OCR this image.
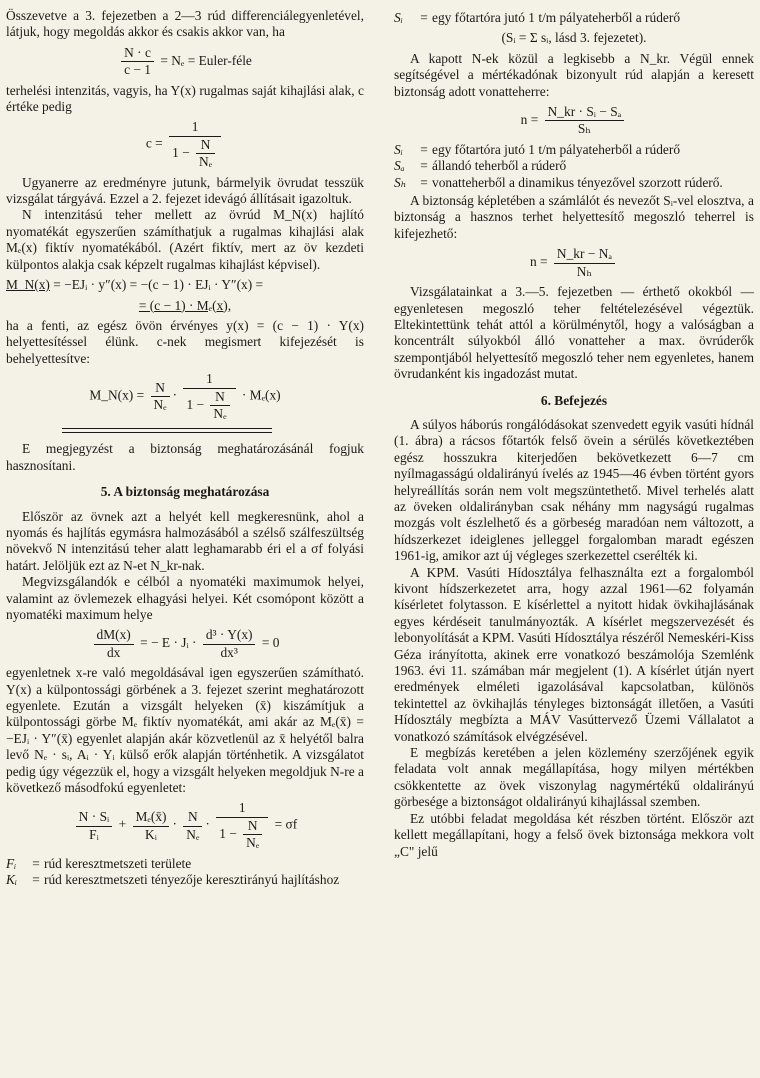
Összevetve a 3. fejezetben a 2—3 rúd differenciálegyenletével, látjuk, hogy megoldás akkor és csakis akkor van, ha

$\frac{N \cdot c}{c - 1} = N_e$ = Euler-féle

terhelési intenzitás, vagyis, ha Y(x) rugalmas saját kihajlási alak, c értéke pedig

$c = \frac{1}{1 - \frac{N}{\text{Nₑ}}}$

Ugyanerre az eredményre jutunk, bármelyik övrudat tesszük vizsgálat tárgyává. Ezzel a 2. fejezet idevágó állításait igazoltuk.

N intenzitású teher mellett az övrúd M_N(x) hajlító nyomatékát egyszerűen számíthatjuk a rugalmas kihajlási alak Mₑ(x) fiktív nyomatékából. (Azért fiktív, mert az öv kezdeti külpontos alakja csak képzelt rugalmas kihajlást képvisel).

M_N(x) = −EJᵢ · y″(x) = −(c − 1) · EJᵢ · Y″(x) =
= (c − 1) · Mₑ(x),

ha a fenti, az egész övön érvényes y(x) = (c − 1) · Y(x) helyettesítéssel élünk. c-nek megismert kifejezését is behelyettesítve:

M_N(x) = $\frac{N}{\text{Nₑ}} \cdot \frac{1}{1 - \frac{N}{\text{Nₑ}}} \cdot M_e(x)$

E megjegyzést a biztonság meghatározásánál fogjuk hasznosítani.

5. A biztonság meghatározása

Először az övnek azt a helyét kell megkeresnünk, ahol a nyomás és hajlítás egymásra halmozásából a szélső szálfeszültség növekvő N intenzitású teher alatt leghamarabb éri el a σf folyási határt. Jelöljük ezt az N-et N_kr-nak.

Megvizsgálandók e célból a nyomatéki maximumok helyei, valamint az övlemezek elhagyási helyei. Két csomópont között a nyomatéki maximum helye

$\frac{dM(x)}{dx}$ = − E · Jᵢ · $\frac{\text{d³ · Y(x)}}{\text{dx³}} = 0$

egyenletnek x-re való megoldásával igen egyszerűen számítható. Y(x) a külpontossági görbének a 3. fejezet szerint meghatározott egyenlete. Ezután a vizsgált helyeken (x̄) kiszámítjuk a külpontossági görbe Mₑ fiktív nyomatékát, ami akár az Mₑ(x̄) = −EJᵢ · Y″(x̄) egyenlet alapján akár közvetlenül az x̄ helyétől balra levő Nₑ · sᵢ, Aᵢ · Yᵢ külső erők alapján történhetik. A vizsgálatot pedig úgy végezzük el, hogy a vizsgált helyeken megoldjuk N-re a következő másodfokú egyenletet:

$\frac{\text{N · Sᵢ}}{\text{Fᵢ}} + \frac{\text{Mₑ(x̄)}}{\text{Kᵢ}} \cdot \frac{N}{\text{Nₑ}} \cdot \frac{1}{1 - \frac{N}{\text{Nₑ}}} = \sigma f$
Fᵢ	= rúd keresztmetszeti területe
Kᵢ	= rúd keresztmetszeti tényezője keresztirányú hajlításhoz
Sᵢ	= egy főtartóra jutó 1 t/m pályateherből a rúderő
(Sᵢ = Σ sᵢ, lásd 3. fejezetet).

A kapott N-ek közül a legkisebb a N_kr. Végül ennek segítségével a mértékadónak bizonyult rúd alapján a keresett biztonság adott vonatteherre:

$n = \frac{\text{N\_kr · Sᵢ − Sₐ}}{\text{Sₕ}}$
Sᵢ	= egy főtartóra jutó 1 t/m pályateherből a rúderő
Sₐ	= állandó teherből a rúderő
Sₕ	= vonatteherből a dinamikus tényezővel szorzott rúderő.

A biztonság képletében a számlálót és nevezőt Sᵢ-vel elosztva, a biztonság a hasznos terhet helyettesítő megoszló teherrel is kifejezhető:

$n = \frac{\text{N\_kr − Nₐ}}{\text{Nₕ}}$

Vizsgálatainkat a 3.—5. fejezetben — érthető okokból — egyenletesen megoszló teher feltételezésével végeztük. Eltekintettünk tehát attól a körülménytől, hogy a valóságban a koncentrált súlyokból álló vonatteher a max. övrúderők szempontjából helyettesítő megoszló teher nem egyenletes, hanem övrudanként kis ingadozást mutat.

6. Befejezés

A súlyos háborús rongálódásokat szenvedett egyik vasúti hídnál (1. ábra) a rácsos főtartók felső övein a sérülés következtében egész hosszukra kiterjedően bekövetkezett 6—7 cm nyílmagasságú oldalirányú ívelés az 1945—46 évben történt gyors helyreállítás során nem volt megszüntethető. Mivel terhelés alatt az öveken oldalirányban csak néhány mm nagyságú rugalmas mozgás volt észlelhető és a görbeség maradóan nem változott, a hídszerkezet ideiglenes jelleggel forgalomban maradt egészen 1961-ig, amikor azt új végleges szerkezettel cserélték ki.

A KPM. Vasúti Hídosztálya felhasználta ezt a forgalomból kivont hídszerkezetet arra, hogy azzal 1961—62 folyamán kísérletet folytasson. E kísérlettel a nyitott hidak övkihajlásának egyes kérdéseit tanulmányozták. A kísérlet megszervezését és lebonyolítását a KPM. Vasúti Hídosztálya részéről Nemeskéri-Kiss Géza irányította, akinek erre vonatkozó beszámolója Szemlénk 1963. évi 11. számában már megjelent (1). A kísérlet útján nyert eredmények elméleti igazolásával kapcsolatban, különös tekintettel az övkihajlás tényleges biztonságát illetően, a Vasúti Hídosztály megbízta a MÁV Vasúttervező Üzemi Vállalatot a vonatkozó számítások elvégzésével.

E megbízás keretében a jelen közlemény szerzőjének egyik feladata volt annak megállapítása, hogy milyen mértékben csökkentette az övek viszonylag nagymértékű oldalirányú görbesége a biztonságot oldalirányú kihajlással szemben.

Ez utóbbi feladat megoldása két részben történt. Először azt kellett megállapítani, hogy a felső övek biztonsága mekkora volt „C" jelű
